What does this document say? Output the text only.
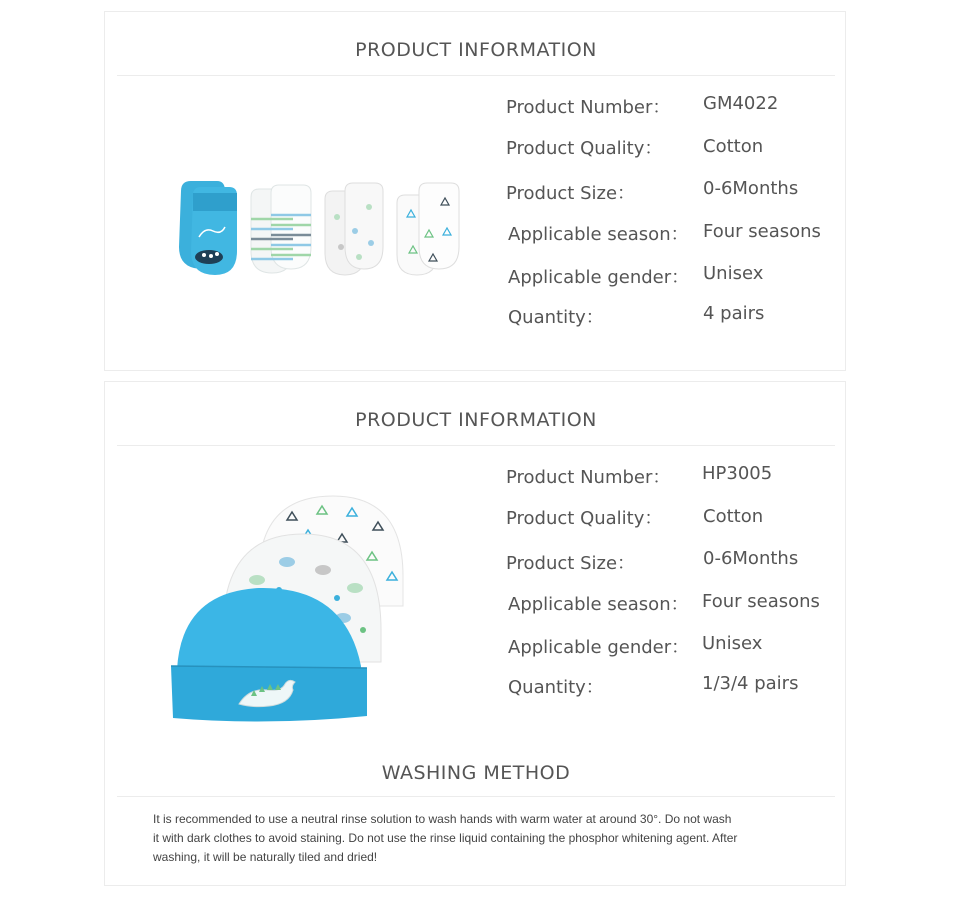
PRODUCT INFORMATION
Product Number： GM4022
Product Quality： Cotton
Product Size：	0-6Months
Applicable season： Four seasons
Applicable gender： Unisex
Quantity：	4 pairs
PRODUCT INFORMATION
Product Number： HP3005
Product Quality： Cotton
Product Size：	0-6Months
Applicable season： Four seasons
Applicable gender： Unisex
Quantity：	1/3/4 pairs
WASHING METHOD
It is recommended to use a neutral rinse solution to wash hands with warm water at around 30°. Do not wash
it with dark clothes to avoid staining. Do not use the rinse liquid containing the phosphor whitening agent. After
washing, it will be naturally tiled and dried!
